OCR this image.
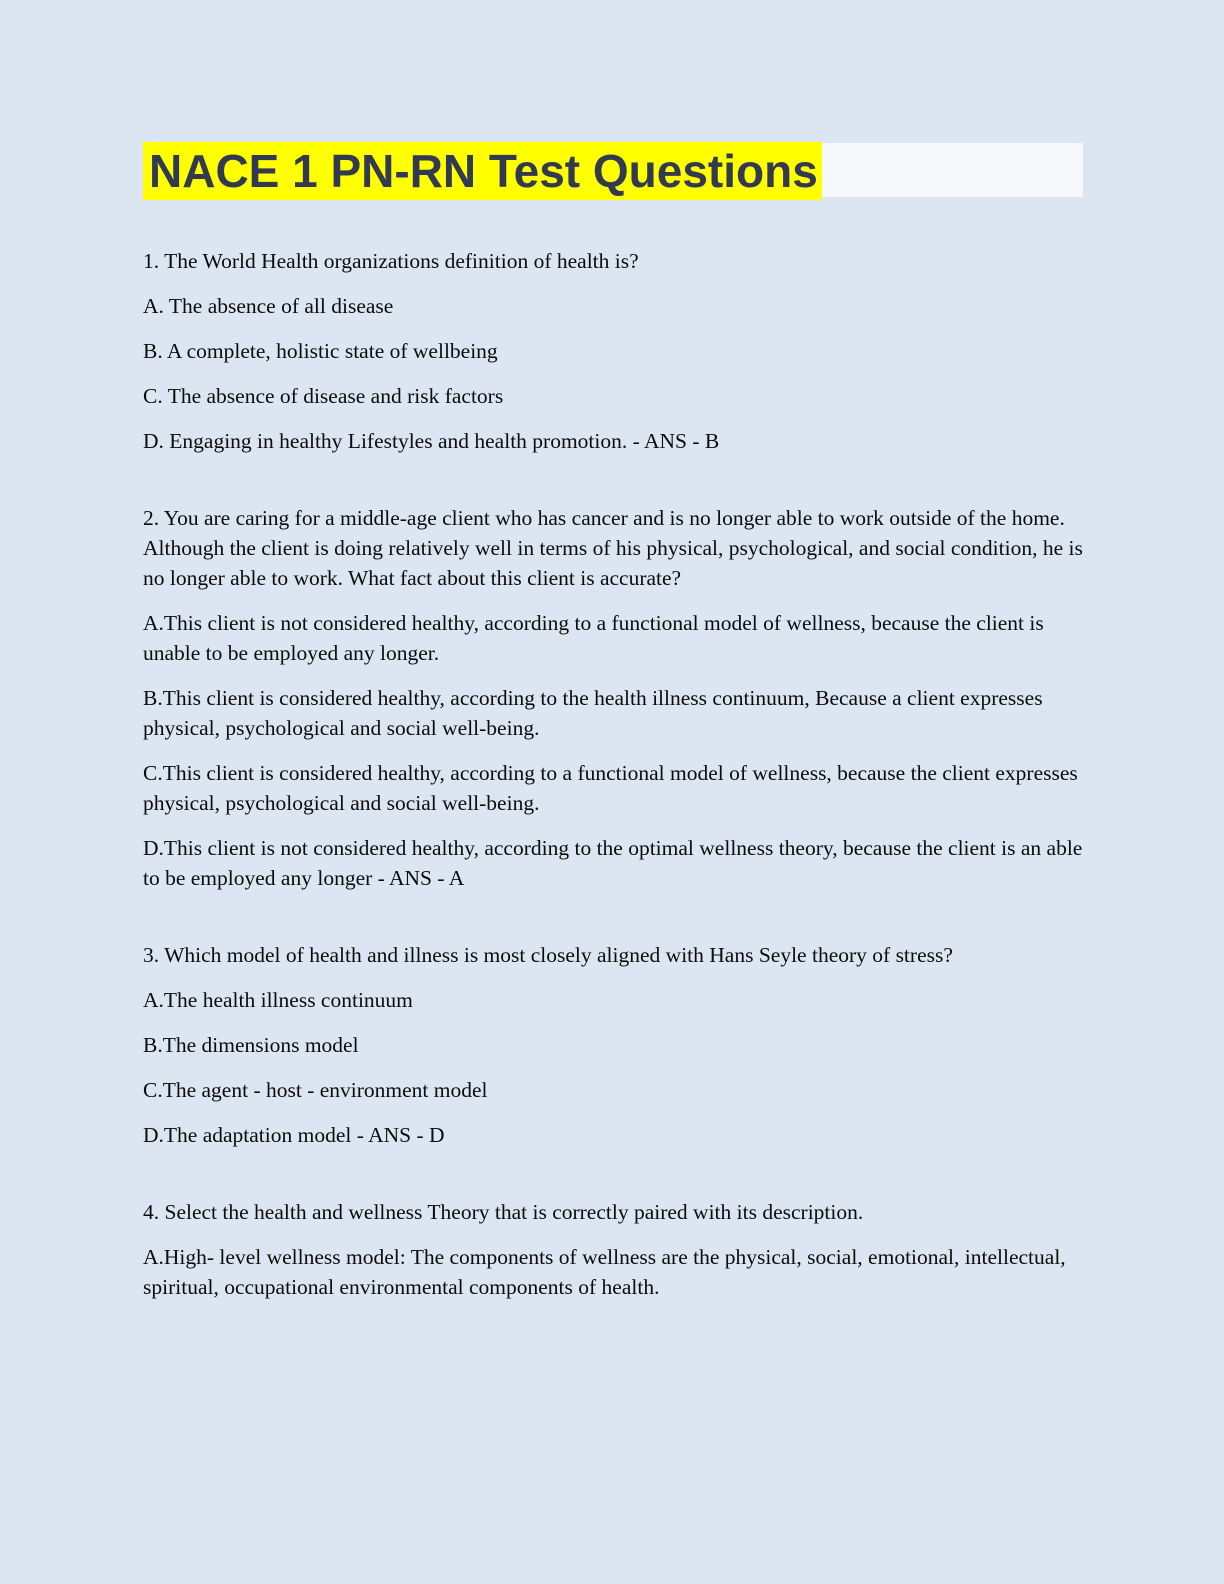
NACE 1 PN-RN Test Questions

1. The World Health organizations definition of health is?

A. The absence of all disease

B. A complete, holistic state of wellbeing

C. The absence of disease and risk factors

D. Engaging in healthy Lifestyles and health promotion. - ANS - B

2. You are caring for a middle-age client who has cancer and is no longer able to work outside of the home. Although the client is doing relatively well in terms of his physical, psychological, and social condition, he is no longer able to work. What fact about this client is accurate?

A.This client is not considered healthy, according to a functional model of wellness, because the client is unable to be employed any longer.

B.This client is considered healthy, according to the health illness continuum, Because a client expresses physical, psychological and social well-being.

C.This client is considered healthy, according to a functional model of wellness, because the client expresses physical, psychological and social well-being.

D.This client is not considered healthy, according to the optimal wellness theory, because the client is an able to be employed any longer - ANS - A

3. Which model of health and illness is most closely aligned with Hans Seyle theory of stress?

A.The health illness continuum

B.The dimensions model

C.The agent - host - environment model

D.The adaptation model - ANS - D

4. Select the health and wellness Theory that is correctly paired with its description.

A.High- level wellness model: The components of wellness are the physical, social, emotional, intellectual, spiritual, occupational environmental components of health.
